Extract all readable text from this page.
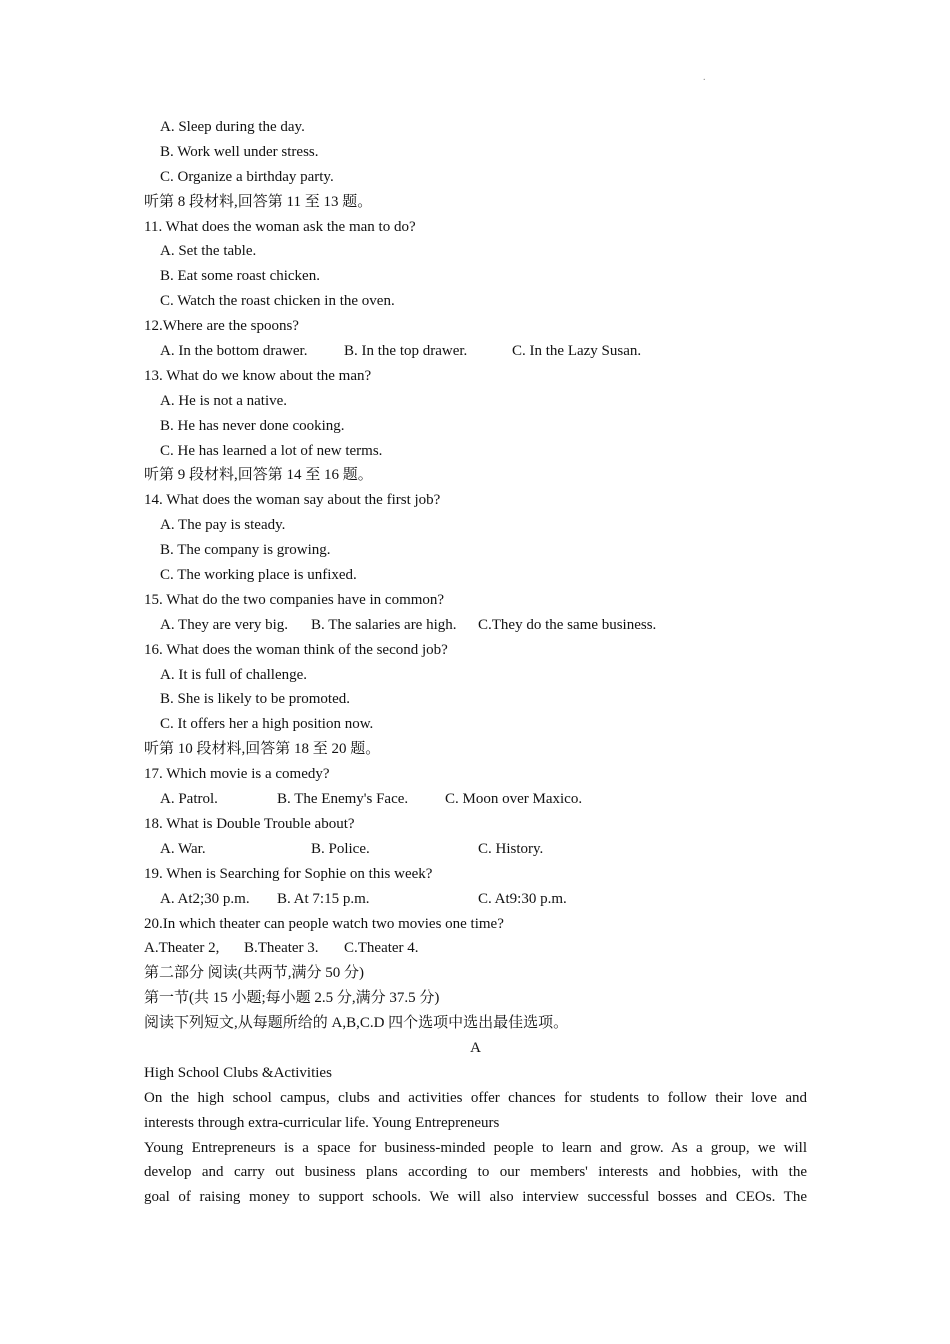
.
A. Sleep during the day.
B. Work well under stress.
C. Organize a birthday party.
听第 8 段材料,回答第 11 至 13 题。
11. What does the woman ask the man to do?
A. Set the table.
B. Eat some roast chicken.
C. Watch the roast chicken in the oven.
12.Where are the spoons?
A. In the bottom drawer.	B. In the top drawer.	C. In the Lazy Susan.
13. What do we know about the man?
A. He is not a native.
B. He has never done cooking.
C. He has learned a lot of new terms.
听第 9 段材料,回答第 14 至 16 题。
14. What does the woman say about the first job?
A. The pay is steady.
B. The company is growing.
C. The working place is unfixed.
15. What do the two companies have in common?
A. They are very big.	B. The salaries are high.	C.They do the same business.
16. What does the woman think of the second job?
A. It is full of challenge.
B. She is likely to be promoted.
C. It offers her a high position now.
听第 10 段材料,回答第 18 至 20 题。
17. Which movie is a comedy?
A. Patrol.	B. The Enemy's Face.	C. Moon over Maxico.
18. What is Double Trouble about?
A. War.	B. Police.	C. History.
19. When is Searching for Sophie on this week?
A. At2;30 p.m.	B. At 7:15 p.m.	C. At9:30 p.m.
20.In which theater can people watch two movies one time?
A.Theater 2,	B.Theater 3.	C.Theater 4.
第二部分 阅读(共两节,满分 50 分)
第一节(共 15 小题;每小题 2.5 分,满分 37.5 分)
阅读下列短文,从每题所给的 A,B,C.D 四个选项中选出最佳选项。
A
High School Clubs &Activities
On the high school campus, clubs and activities offer chances for students to follow their love and
interests through extra-curricular life. Young Entrepreneurs
Young Entrepreneurs is a space for business-minded people to learn and grow. As a group, we will
develop and carry out business plans according to our members' interests and hobbies, with the
goal of raising money to support schools. We will also interview successful bosses and CEOs. The
